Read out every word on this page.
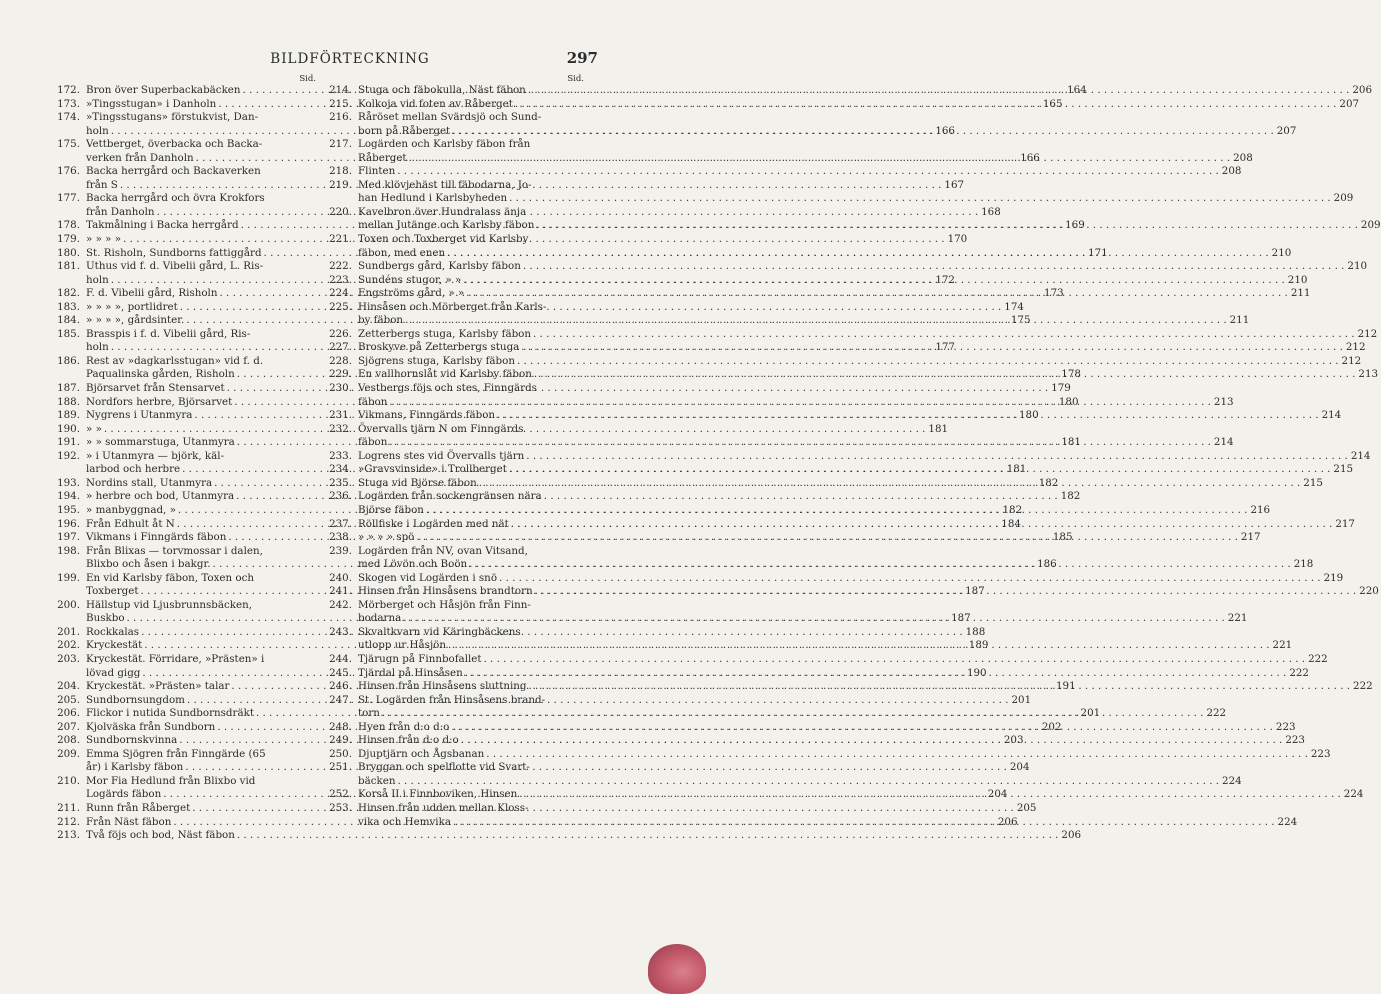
BILDFÖRTECKNING	297
Sid.
172. Bron över Superbackabäcken . . .	164
173. »Tingsstugan» i Danholn . . .	165
174. »Tingsstugans» förstukvist, Dan-
holn . . .	166
175. Vettberget, överbacka och Backa-
verken från Danholn . . .	166
176. Backa herrgård och Backaverken
från S . . .	167
177. Backa herrgård och övra Krokfors
från Danholn . . .	168
178. Takmålning i Backa herrgård . . .	169
179. » » » » . . .	170
180. St. Risholn, Sundborns fattiggård . . .	171
181. Uthus vid f. d. Vibelii gård, L. Ris-
holn . . .	172
182. F. d. Vibelii gård, Risholn . . .	173
183. » » » », portlidret . . .	174
184. » » » », gårdsinter. . . .	175
185. Brasspis i f. d. Vibelii gård, Ris-
holn . . .	177
186. Rest av »dagkarlsstugan» vid f. d.
Paqualinska gården, Risholn . . .	178
187. Björsarvet från Stensarvet . . .	179
188. Nordfors herbre, Björsarvet . . .	180
189. Nygrens i Utanmyra . . .	180
190. » » . . .	181
191. » » sommarstuga, Utanmyra . . .	181
192. » i Utanmyra — björk, käl-
larbod och herbre . . .	181
193. Nordins stall, Utanmyra . . .	182
194. » herbre och bod, Utanmyra . . .	182
195. » manbyggnad, » . . .	182
196. Från Edhult åt N . . .	184
197. Vikmans i Finngärds fäbon . . .	185
198. Från Blixas — torvmossar i dalen,
Blixbo och åsen i bakgr. . . .	186
199. En vid Karlsby fäbon, Toxen och
Toxberget . . .	187
200. Hällstup vid Ljusbrunnsbäcken,
Buskbo . . .	187
201. Rockkalas . . .	188
202. Kryckestät . . .	189
203. Kryckestät. Förridare, »Prästen» i
lövad gigg . . .	190
204. Kryckestät. »Prästen» talar . . .	191
205. Sundbornsungdom . . .	201
206. Flickor i nutida Sundbornsdräkt . . .	201
207. Kjolväska från Sundborn . . .	202
208. Sundbornskvinna . . .	203
209. Emma Sjögren från Finngärde (65
år) i Karlsby fäbon . . .	204
210. Mor Fia Hedlund från Blixbo vid
Logärds fäbon . . .	204
211. Runn från Råberget . . .	205
212. Från Näst fäbon . . .	206
213. Två föjs och bod, Näst fäbon . . .	206
Sid.
214. Stuga och fäbokulla, Näst fäbon . . .	206
215. Kolkoja vid foten av Råberget . . .	207
216. Råröset mellan Svärdsjö och Sund-
born på Råberget . . .	207
217. Logärden och Karlsby fäbon från
Råberget . . .	208
218. Flinten . . .	208
219. Med klövjehäst till fäbodarna, Jo-
han Hedlund i Karlsbyheden . . .	209
220. Kavelbron över Hundralass änja
mellan Jutänge och Karlsby fäbon . . .	209
221. Toxen och Toxberget vid Karlsby
fäbon, med enen . . .	210
222. Sundbergs gård, Karlsby fäbon . . .	210
223. Sundéns stugor, » » . . .	210
224. Engströms gård, » » . . .	211
225. Hinsåsen och Mörberget från Karls-
by fäbon . . .	211
226. Zetterbergs stuga, Karlsby fäbon . . .	212
227. Broskyve på Zetterbergs stuga . . .	212
228. Sjögrens stuga, Karlsby fäbon . . .	212
229. En vallhornslåt vid Karlsby fäbon . . .	213
230. Vestbergs föjs och stes, Finngärds
fäbon . . .	213
231. Vikmans, Finngärds fäbon . . .	214
232. Övervalls tjärn N om Finngärds
fäbon . . .	214
233. Logrens stes vid Övervalls tjärn . . .	214
234. »Gravsvinside» i Trollberget . . .	215
235. Stuga vid Björse fäbon . . .	215
236. Logärden från sockengränsen nära
Björse fäbon . . .	216
237. Röllfiske i Logärden med nät . . .	217
238. » » » » spö . . .	217
239. Logärden från NV, ovan Vitsand,
med Lövön och Boön . . .	218
240. Skogen vid Logärden i snö . . .	219
241. Hinsen från Hinsåsens brandtorn . . .	220
242. Mörberget och Håsjön från Finn-
bodarna . . .	221
243. Skvaltkvarn vid Käringbäckens
utlopp ur Håsjön . . .	221
244. Tjärugn på Finnbofallet . . .	222
245. Tjärdal på Hinsåsen . . .	222
246. Hinsen från Hinsåsens sluttning . . .	222
247. St. Logärden från Hinsåsens brand-
torn . . .	222
248. Hyen från d:o d:o . . .	223
249. Hinsen från d:o d:o . . .	223
250. Djuptjärn och Ågsbanan . . .	223
251. Bryggan och spelflotte vid Svart-
bäcken . . .	224
252. Korså II i Finnboviken, Hinsen . . .	224
253. Hinsen från udden mellan Kloss-
vika och Hemvika . . .	224
